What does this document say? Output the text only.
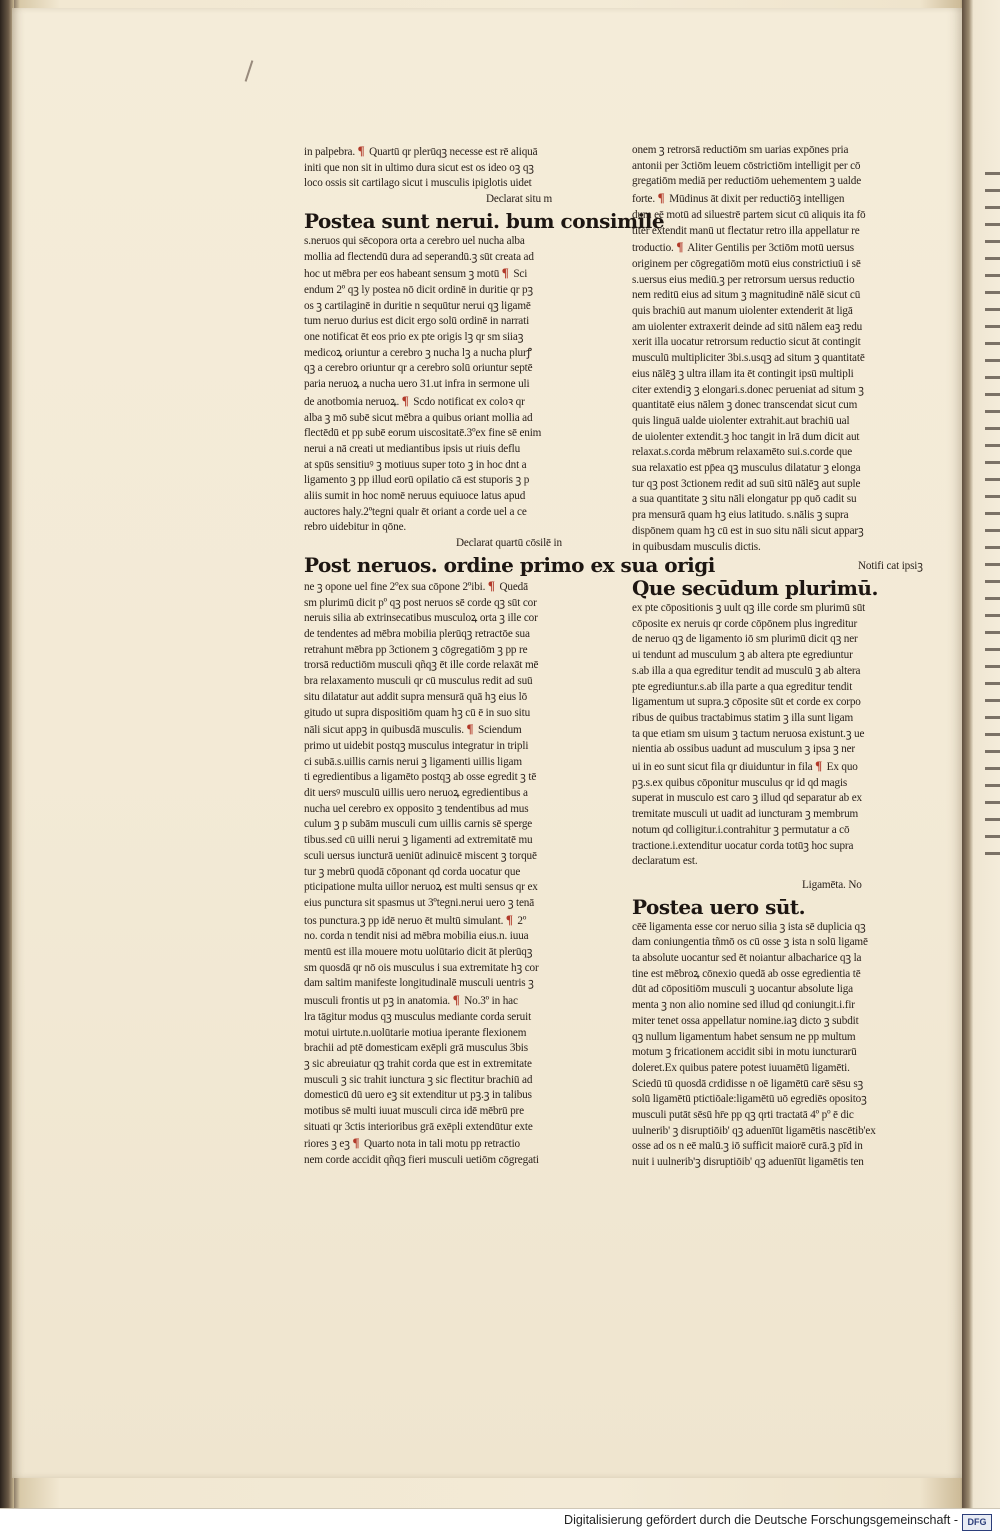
in palpebra. ¶ Quartū qr plerūqꝫ necesse est rē aliquā
initi que non sit in ultimo dura sicut est os ideo oꝫ qꝫ
loco ossis sit cartilago sicut i musculis ipiglotis uidet
Declarat situ m
Postea sunt nerui. bum consimile
s.neruos qui sēcopora orta a cerebro uel nucha alba
mollia ad flectendū dura ad seperandū.ꝫ sūt creata ad
hoc ut mēbra per eos habeant sensum ꝫ motū ¶ Sci
endum 2º qꝫ ly postea nō dicit ordinē in duritie qr pꝫ
os ꝫ cartilaginē in duritie n sequūtur nerui qꝫ ligamē
tum neruo durius est dicit ergo solū ordinē in narrati
one notificat ēt eos prio ex pte origis lꝫ qr sm siiaꝫ
medicoꝝ oriuntur a cerebro ꝫ nucha lꝫ a nucha plurꝭ
qꝫ a cerebro oriuntur qr a cerebro solū oriuntur septē
paria neruoꝝ a nucha uero 31.ut infra in sermone uli
de anotbomia neruoꝝ. ¶ Scdo notificat ex coloꝛ qr
alba ꝫ mō subē sicut mēbra a quibus oriant mollia ad
flectēdū et pp subē eorum uiscositatē.3ºex fine sē enim
nerui a nā creati ut mediantibus ipsis ut riuis deflu
at spūs sensitiuꝰ ꝫ motiuus super toto ꝫ in hoc dnt a
ligamento ꝫ pp illud eorū opilatio cā est stuporis ꝫ p
aliis sumit in hoc nomē neruus equiuoce latus apud
auctores haly.2ºtegni qualr ēt oriant a corde uel a ce
rebro uidebitur in qōne.
Declarat quartū cōsilē in
Post neruos. ordine primo ex sua origi
ne ꝫ opone uel fine 2ºex sua cōpone 2ºibi. ¶ Quedā
sm plurimū dicit pº qꝫ post neruos sē corde qꝫ sūt cor
neruis silia ab extrinsecatibus musculoꝝ orta ꝫ ille cor
de tendentes ad mēbra mobilia plerūqꝫ retractōe sua
retrahunt mēbra pp 3ctionem ꝫ cōgregatiōm ꝫ pp re
trorsā reductiōm musculi qñqꝫ ēt ille corde relaxāt mē
bra relaxamento musculi qr cū musculus redit ad suū
situ dilatatur aut addit supra mensurā quā hꝫ eius lō
gitudo ut supra dispositiōm quam hꝫ cū ē in suo situ
nāli sicut appꝫ in quibusdā musculis. ¶ Sciendum
primo ut uidebit postqꝫ musculus integratur in tripli
ci subā.s.uillis carnis nerui ꝫ ligamenti uillis ligam
ti egredientibus a ligamēto postqꝫ ab osse egredit ꝫ tē
dit uersꝰ musculū uillis uero neruoꝝ egredientibus a
nucha uel cerebro ex opposito ꝫ tendentibus ad mus
culum ꝫ p subām musculi cum uillis carnis sē sperge
tibus.sed cū uilli nerui ꝫ ligamenti ad extremitatē mu
sculi uersus iuncturā ueniūt adinuicē miscent ꝫ torquē
tur ꝫ mebrū quodā cōponant qd corda uocatur que
pticipatione multa uillor neruoꝝ est multi sensus qr ex
eius punctura sit spasmus ut 3ºtegni.nerui uero ꝫ tenā
tos punctura.ꝫ pp idē neruo ēt multū simulant. ¶ 2º
no. corda n tendit nisi ad mēbra mobilia eius.n. iuua
mentū est illa mouere motu uolūtario dicit āt plerūqꝫ
sm quosdā qr nō ois musculus i sua extremitate hꝫ cor
dam saltim manifeste longitudinalē musculi uentris ꝫ
musculi frontis ut pꝫ in anatomia. ¶ No.3º in hac
lra tāgitur modus qꝫ musculus mediante corda seruit
motui uirtute.n.uolūtarie motiua iperante flexionem
brachii ad ptē domesticam exēpli grā musculus 3bis
ꝫ sic abreuiatur qꝫ trahit corda que est in extremitate
musculi ꝫ sic trahit iunctura ꝫ sic flectitur brachiū ad
domesticū dū uero eꝫ sit extenditur ut pꝫ.ꝫ in talibus
motibus sē multi iuuat musculi circa idē mēbrū pre
situati qr 3ctis interioribus grā exēpli extendūtur exte
riores ꝫ eꝫ ¶ Quarto nota in tali motu pp retractio
nem corde accidit qñqꝫ fieri musculi uetiōm cōgregati
onem ꝫ retrorsā reductiōm sm uarias expōnes pria
antonii per 3ctiōm leuem cōstrictiōm intelligit per cō
gregatiōm mediā per reductiōm uehementem ꝫ ualde
forte. ¶ Mūdinus āt dixit per reductiōꝫ intelligen
dum eē motū ad siluestrē partem sicut cū aliquis ita fō
titer extendit manū ut flectatur retro illa appellatur re
troductio. ¶ Aliter Gentilis per 3ctiōm motū uersus
originem per cōgregatiōm motū eius constrictiuū i sē
s.uersus eius mediū.ꝫ per retrorsum uersus reductio
nem reditū eius ad situm ꝫ magnitudinē nālē sicut cū
quis brachiū aut manum uiolenter extenderit āt ligā
am uiolenter extraxerit deinde ad sitū nālem eaꝫ redu
xerit illa uocatur retrorsum reductio sicut āt contingit
musculū multipliciter 3bi.s.usqꝫ ad situm ꝫ quantitatē
eius nālēꝫ ꝫ ultra illam ita ēt contingit ipsū multipli
citer extendiꝫ ꝫ elongari.s.donec perueniat ad situm ꝫ
quantitatē eius nālem ꝫ donec transcendat sicut cum
quis linguā ualde uiolenter extrahit.aut brachiū ual
de uiolenter extendit.ꝫ hoc tangit in lrā dum dicit aut
relaxat.s.corda mēbrum relaxamēto sui.s.corde que
sua relaxatio est pp̄ea qꝫ musculus dilatatur ꝫ elonga
tur qꝫ post 3ctionem redit ad suū sitū nālēꝫ aut suple
a sua quantitate ꝫ situ nāli elongatur pp quō cadit su
pra mensurā quam hꝫ eius latitudo. s.nālis ꝫ supra
dispōnem quam hꝫ cū est in suo situ nāli sicut apparꝫ
in quibusdam musculis dictis.
Notifi cat ipsiꝫ
Que secūdum plurimū.
ex pte cōpositionis ꝫ uult qꝫ ille corde sm plurimū sūt
cōposite ex neruis qr corde cōpōnem plus ingreditur
de neruo qꝫ de ligamento iō sm plurimū dicit qꝫ ner
ui tendunt ad musculum ꝫ ab altera pte egrediuntur
s.ab illa a qua egreditur tendit ad musculū ꝫ ab altera
pte egrediuntur.s.ab illa parte a qua egreditur tendit
ligamentum ut supra.ꝫ cōposite sūt et corde ex corpo
ribus de quibus tractabimus statim ꝫ illa sunt ligam
ta que etiam sm uisum ꝫ tactum neruosa existunt.ꝫ ue
nientia ab ossibus uadunt ad musculum ꝫ ipsa ꝫ ner
ui in eo sunt sicut fila qr diuiduntur in fila ¶ Ex quo
pꝫ.s.ex quibus cōponitur musculus qr id qd magis
superat in musculo est caro ꝫ illud qd separatur ab ex
tremitate musculi ut uadit ad iuncturam ꝫ membrum
notum qd colligitur.i.contrahitur ꝫ permutatur a cō
tractione.i.extenditur uocatur corda totūꝫ hoc supra
declaratum est.
Ligamēta. No
Postea uero sūt.
cēē ligamenta esse cor neruo silia ꝫ ista sē duplicia qꝫ
dam coniungentia tñmō os cū osse ꝫ ista n solū ligamē
ta absolute uocantur sed ēt noiantur albacharice qꝫ la
tine est mēbroꝝ cōnexio quedā ab osse egredientia tē
dūt ad cōpositiōm musculi ꝫ uocantur absolute liga
menta ꝫ non alio nomine sed illud qd coniungit.i.fir
miter tenet ossa appellatur nomine.iaꝫ dicto ꝫ subdit
qꝫ nullum ligamentum habet sensum ne pp multum
motum ꝫ fricationem accidit sibi in motu iuncturarū
doleret.Ex quibus patere potest iuuamētū ligamēti.
Sciedū tū quosdā crdidisse n oē ligamētū carē sēsu sꝫ
solū ligamētū ptictiōale:ligamētū uō egrediēs opositoꝫ
musculi putāt sēsū hr̄e pp qꝫ qrti tractatā 4º pº ē dic
uulnerib' ꝫ disruptiōib' qꝫ aduenīūt ligamētis nascētib'ex
osse ad os n eē malū.ꝫ iō sufficit maiorē curā.ꝫ pīd in
nuit i uulnerib'ꝫ disruptiōib' qꝫ aduenīūt ligamētis ten
Digitalisierung gefördert durch die Deutsche Forschungsgemeinschaft -	DFG
